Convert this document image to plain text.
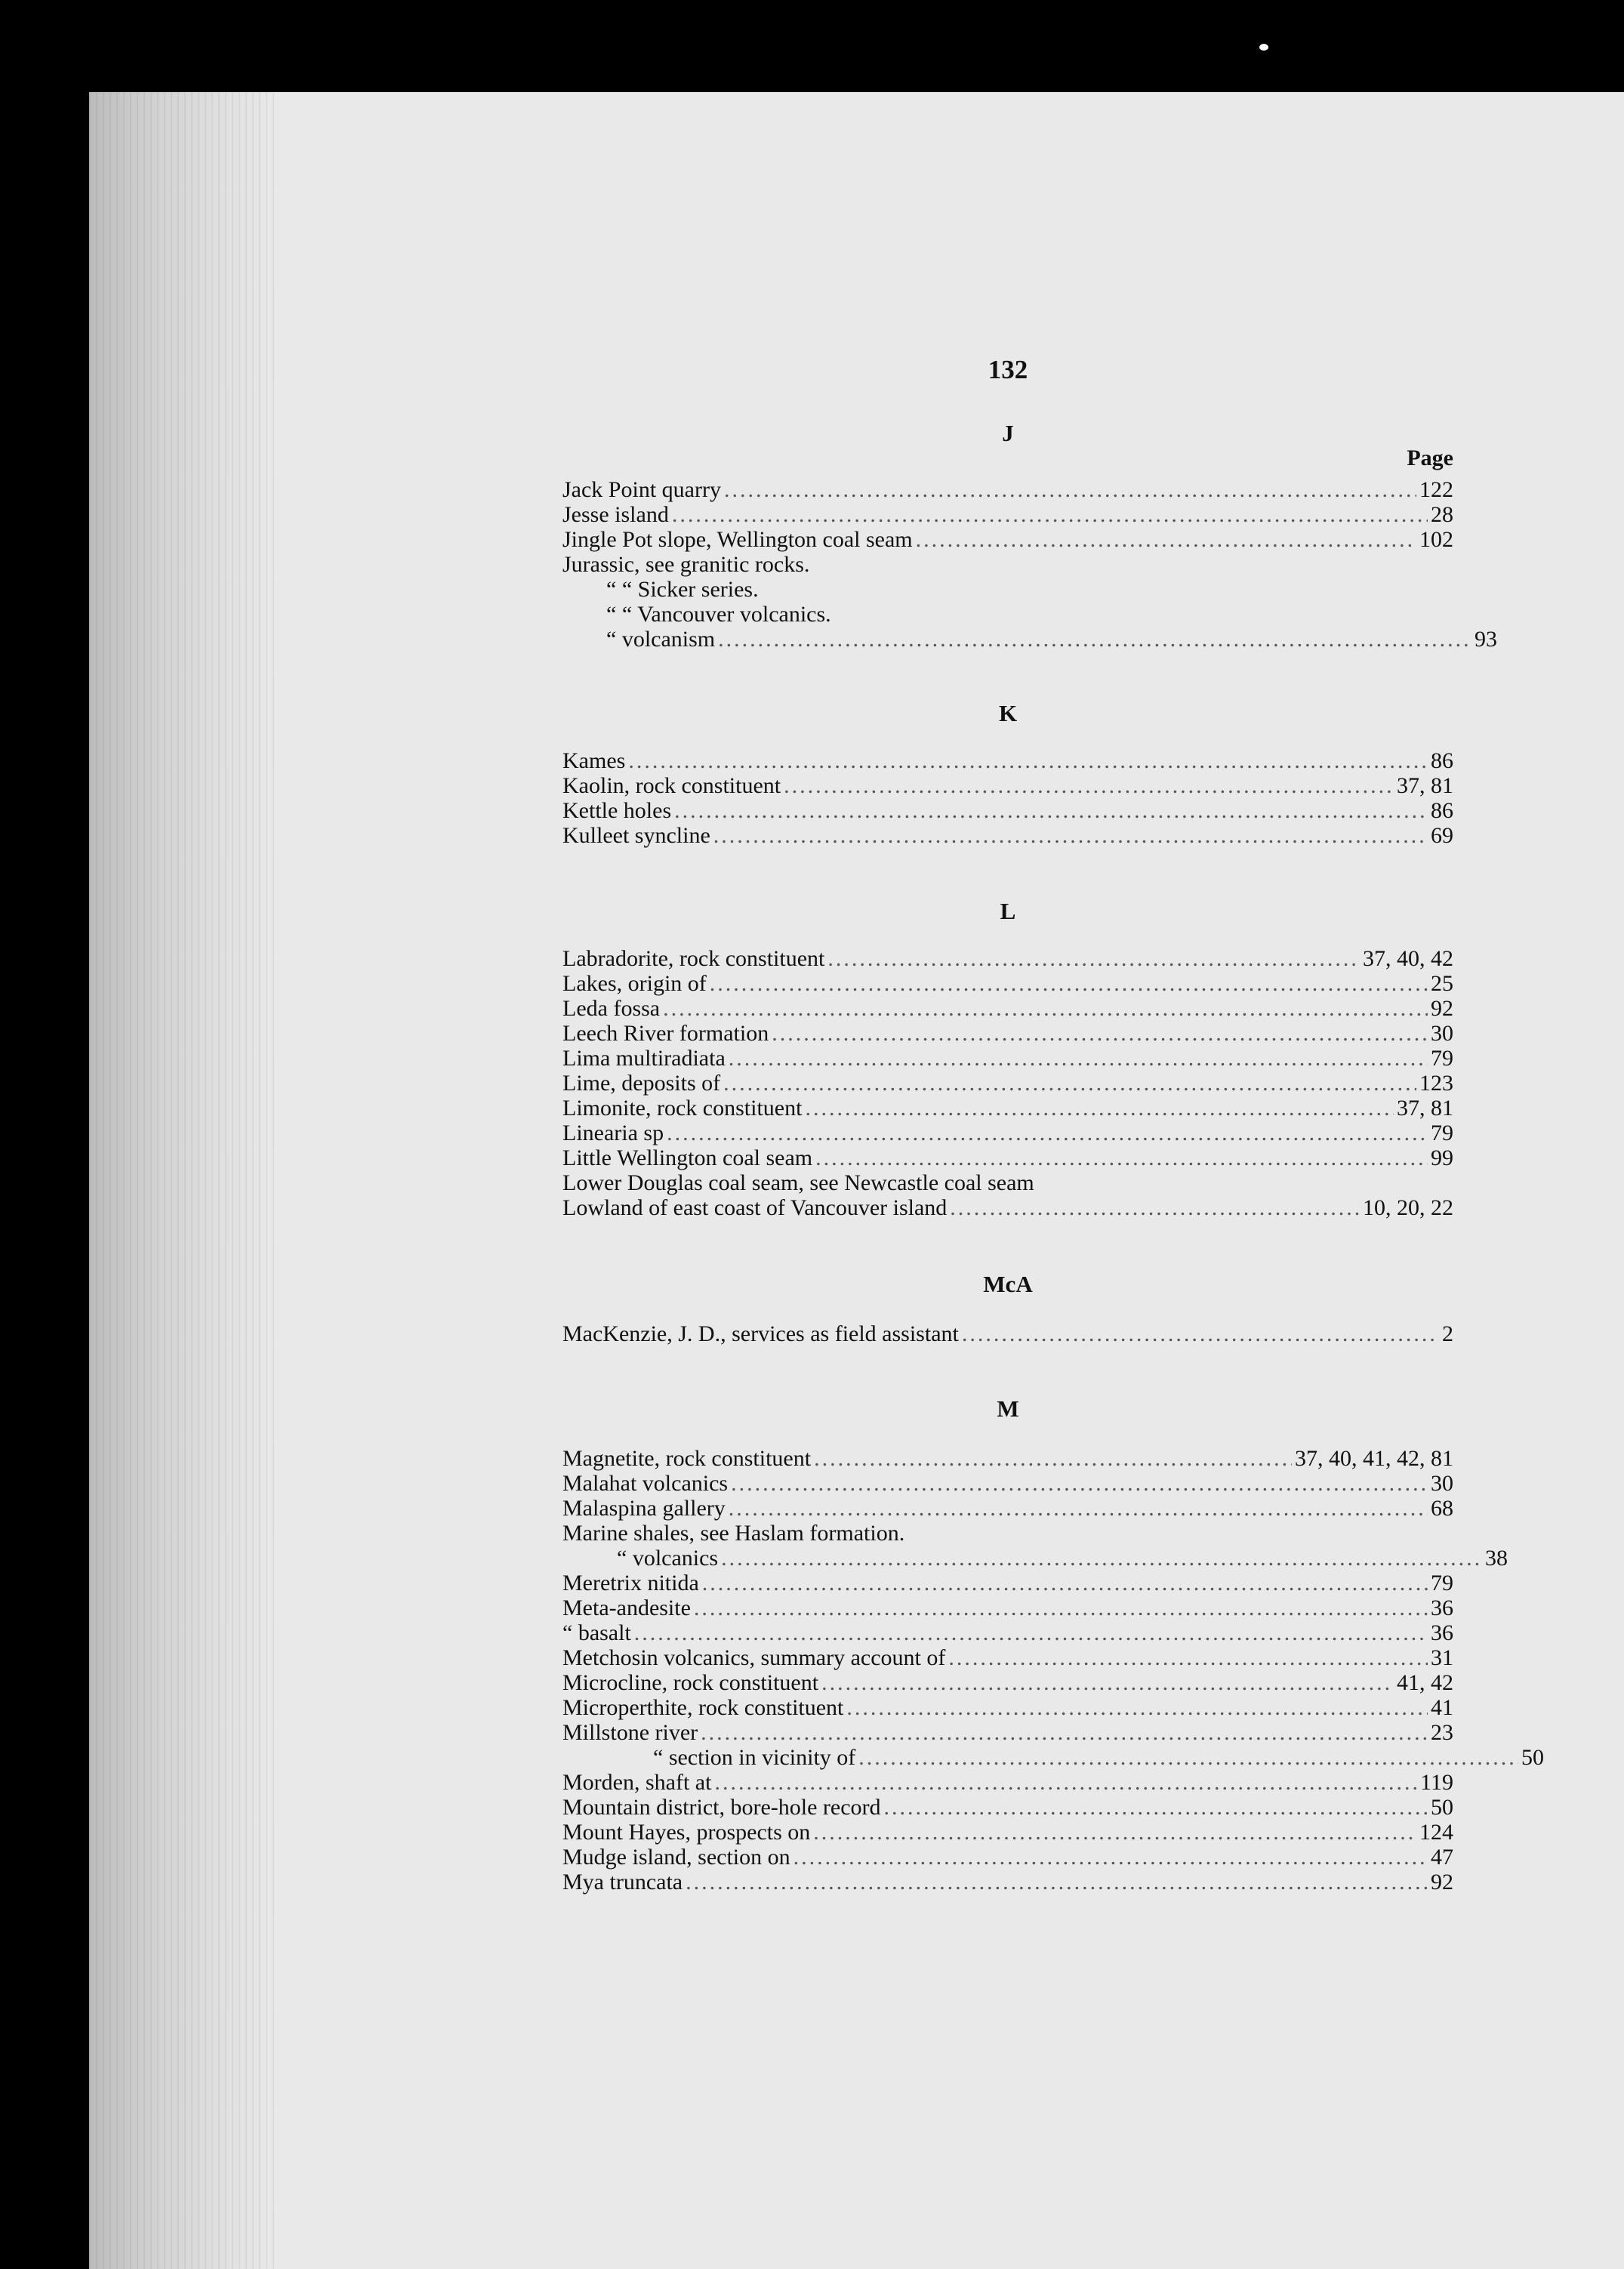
132
J
Page
Jack Point quarry .....	122
Jesse island .....	28
Jingle Pot slope, Wellington coal seam .....	102
Jurassic, see granitic rocks.
“ “ Sicker series.
“ “ Vancouver volcanics.
“ volcanism .....	93
K
Kames .....	86
Kaolin, rock constituent .....	37, 81
Kettle holes .....	86
Kulleet syncline .....	69
L
Labradorite, rock constituent .....	37, 40, 42
Lakes, origin of .....	25
Leda fossa .....	92
Leech River formation .....	30
Lima multiradiata .....	79
Lime, deposits of .....	123
Limonite, rock constituent .....	37, 81
Linearia sp .....	79
Little Wellington coal seam .....	99
Lower Douglas coal seam, see Newcastle coal seam
Lowland of east coast of Vancouver island .....	10, 20, 22
McA
MacKenzie, J. D., services as field assistant .....	2
M
Magnetite, rock constituent .....	37, 40, 41, 42, 81
Malahat volcanics .....	30
Malaspina gallery .....	68
Marine shales, see Haslam formation.
“ volcanics .....	38
Meretrix nitida .....	79
Meta-andesite .....	36
“ basalt .....	36
Metchosin volcanics, summary account of .....	31
Microcline, rock constituent .....	41, 42
Microperthite, rock constituent .....	41
Millstone river .....	23
“ section in vicinity of .....	50
Morden, shaft at .....	119
Mountain district, bore-hole record .....	50
Mount Hayes, prospects on .....	124
Mudge island, section on .....	47
Mya truncata .....	92
